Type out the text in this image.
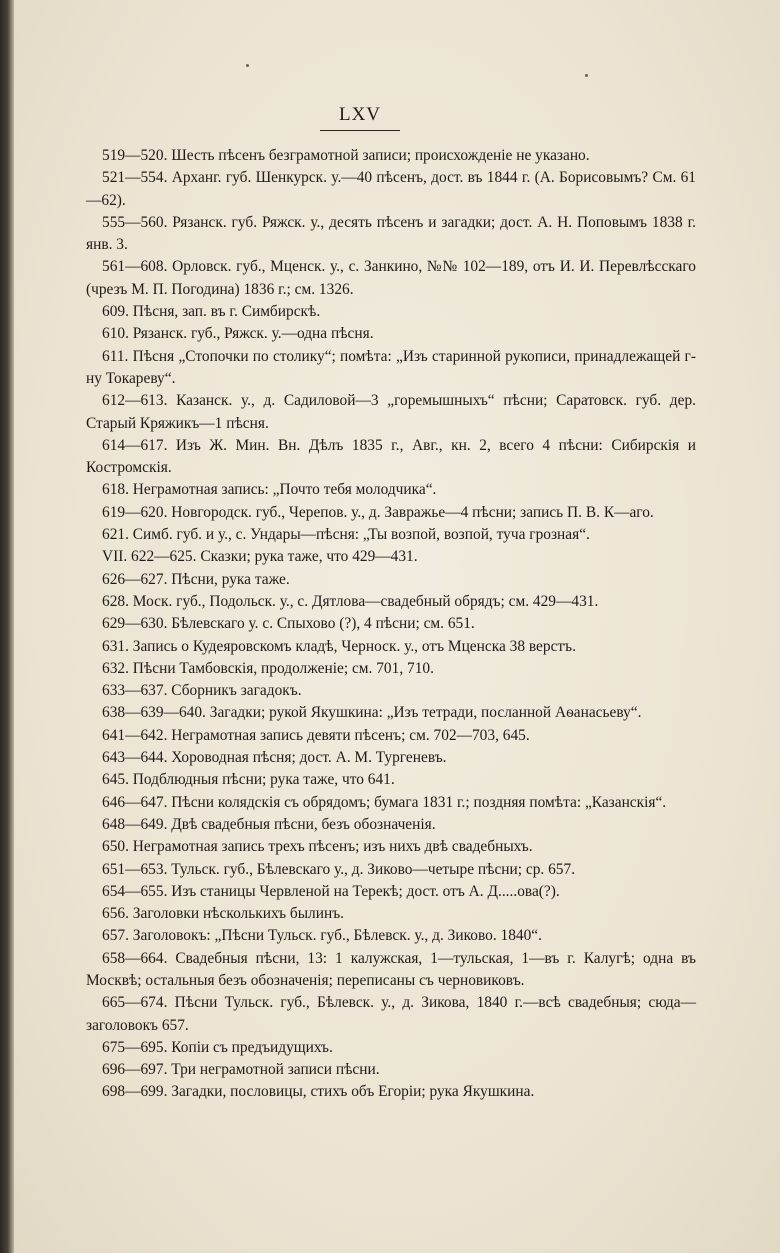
LXV

519—520. Шесть пѣсенъ безграмотной записи; происхожденіе не указано.

521—554. Арханг. губ. Шенкурск. у.—40 пѣсенъ, дост. въ 1844 г. (А. Борисовымъ? См. 61—62).

555—560. Рязанск. губ. Ряжск. у., десять пѣсенъ и загадки; дост. А. Н. Поповымъ 1838 г. янв. 3.

561—608. Орловск. губ., Мценск. у., с. Занкино, №№ 102—189, отъ И. И. Перевлѣсскаго (чрезъ М. П. Погодина) 1836 г.; см. 1326.

609. Пѣсня, зап. въ г. Симбирскѣ.

610. Рязанск. губ., Ряжск. у.—одна пѣсня.

611. Пѣсня „Стопочки по столику“; помѣта: „Изъ старинной рукописи, принадлежащей г-ну Токареву“.

612—613. Казанск. у., д. Садиловой—3 „горемышныхъ“ пѣсни; Саратовск. губ. дер. Старый Кряжикъ—1 пѣсня.

614—617. Изъ Ж. Мин. Вн. Дѣлъ 1835 г., Авг., кн. 2, всего 4 пѣсни: Сибирскія и Костромскія.

618. Неграмотная запись: „Почто тебя молодчика“.

619—620. Новгородск. губ., Черепов. у., д. Завражье—4 пѣсни; запись П. В. К—аго.

621. Симб. губ. и у., с. Ундары—пѣсня: „Ты возпой, возпой, туча грозная“.

VII. 622—625. Сказки; рука таже, что 429—431.

626—627. Пѣсни, рука таже.

628. Моск. губ., Подольск. у., с. Дятлова—свадебный обрядъ; см. 429—431.

629—630. Бѣлевскаго у. с. Спыхово (?), 4 пѣсни; см. 651.

631. Запись о Кудеяровскомъ кладѣ, Черноск. у., отъ Мценска 38 верстъ.

632. Пѣсни Тамбовскія, продолженіе; см. 701, 710.

633—637. Сборникъ загадокъ.

638—639—640. Загадки; рукой Якушкина: „Изъ тетради, посланной Аѳанасьеву“.

641—642. Неграмотная запись девяти пѣсенъ; см. 702—703, 645.

643—644. Хороводная пѣсня; дост. А. М. Тургеневъ.

645. Подблюдныя пѣсни; рука таже, что 641.

646—647. Пѣсни колядскія съ обрядомъ; бумага 1831 г.; поздняя помѣта: „Казанскія“.

648—649. Двѣ свадебныя пѣсни, безъ обозначенія.

650. Неграмотная запись трехъ пѣсенъ; изъ нихъ двѣ свадебныхъ.

651—653. Тульск. губ., Бѣлевскаго у., д. Зиково—четыре пѣсни; ср. 657.

654—655. Изъ станицы Червленой на Терекѣ; дост. отъ А. Д.....ова(?).

656. Заголовки нѣсколькихъ былинъ.

657. Заголовокъ: „Пѣсни Тульск. губ., Бѣлевск. у., д. Зиково. 1840“.

658—664. Свадебныя пѣсни, 13: 1 калужская, 1—тульская, 1—въ г. Калугѣ; одна въ Москвѣ; остальныя безъ обозначенія; переписаны съ черновиковъ.

665—674. Пѣсни Тульск. губ., Бѣлевск. у., д. Зикова, 1840 г.—всѣ свадебныя; сюда—заголовокъ 657.

675—695. Копіи съ предъидущихъ.

696—697. Три неграмотной записи пѣсни.

698—699. Загадки, пословицы, стихъ объ Егоріи; рука Якушкина.
